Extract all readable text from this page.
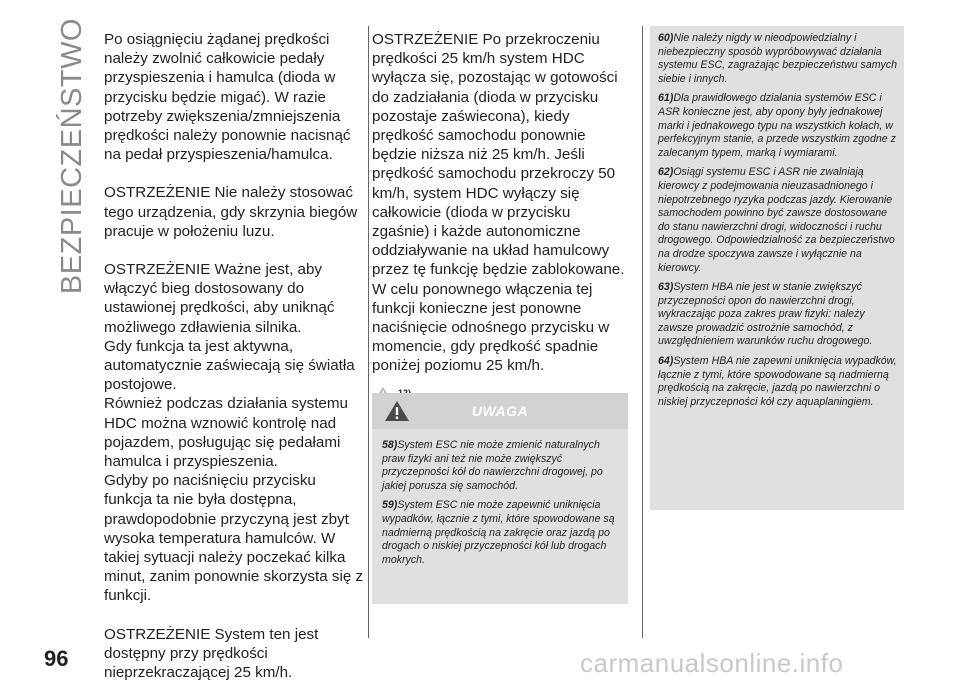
BEZPIECZEŃSTWO Po osiągnięciu żądanej prędkości należy zwolnić całkowicie pedały przyspieszenia i hamulca (dioda w przycisku będzie migać). W razie potrzeby zwiększenia/zmniejszenia prędkości należy ponownie nacisnąć na pedał przyspieszenia/hamulca.

OSTRZEŻENIE Nie należy stosować tego urządzenia, gdy skrzynia biegów pracuje w położeniu luzu.

OSTRZEŻENIE Ważne jest, aby włączyć bieg dostosowany do ustawionej prędkości, aby uniknąć możliwego zdławienia silnika.

Gdy funkcja ta jest aktywna, automatycznie zaświecają się światła postojowe.

Również podczas działania systemu HDC można wznowić kontrolę nad pojazdem, posługując się pedałami hamulca i przyspieszenia.

Gdyby po naciśnięciu przycisku funkcja ta nie była dostępna, prawdopodobnie przyczyną jest zbyt wysoka temperatura hamulców. W takiej sytuacji należy poczekać kilka minut, zanim ponownie skorzysta się z funkcji.

OSTRZEŻENIE System ten jest dostępny przy prędkości nieprzekraczającej 25 km/h.

OSTRZEŻENIE Po przekroczeniu prędkości 25 km/h system HDC wyłącza się, pozostając w gotowości do zadziałania (dioda w przycisku pozostaje zaświecona), kiedy prędkość samochodu ponownie będzie niższa niż 25 km/h. Jeśli prędkość samochodu przekroczy 50 km/h, system HDC wyłączy się całkowicie (dioda w przycisku zgaśnie) i każde autonomiczne oddziaływanie na układ hamulcowy przez tę funkcję będzie zablokowane. W celu ponownego włączenia tej funkcji konieczne jest ponowne naciśnięcie odnośnego przycisku w momencie, gdy prędkość spadnie poniżej poziomu 25 km/h.

UWAGA

58)System ESC nie może zmienić naturalnych praw fizyki ani też nie może zwiększyć przyczepności kół do nawierzchni drogowej, po jakiej porusza się samochód.

59)System ESC nie może zapewnić uniknięcia wypadków, łącznie z tymi, które spowodowane są nadmierną prędkością na zakręcie oraz jazdą po drogach o niskiej przyczepności kół lub drogach mokrych.

60)Nie należy nigdy w nieodpowiedzialny i niebezpieczny sposób wypróbowywać działania systemu ESC, zagrażając bezpieczeństwu samych siebie i innych.

61)Dla prawidłowego działania systemów ESC i ASR konieczne jest, aby opony były jednakowej marki i jednakowego typu na wszystkich kołach, w perfekcyjnym stanie, a przede wszystkim zgodne z zalecanym typem, marką i wymiarami.

62)Osiągi systemu ESC i ASR nie zwalniają kierowcy z podejmowania nieuzasadnionego i niepotrzebnego ryzyka podczas jazdy. Kierowanie samochodem powinno być zawsze dostosowane do stanu nawierzchni drogi, widoczności i ruchu drogowego. Odpowiedzialność za bezpieczeństwo na drodze spoczywa zawsze i wyłącznie na kierowcy.

63)System HBA nie jest w stanie zwiększyć przyczepności opon do nawierzchni drogi, wykraczając poza zakres praw fizyki: należy zawsze prowadzić ostrożnie samochód, z uwzględnieniem warunków ruchu drogowego.

64)System HBA nie zapewni uniknięcia wypadków, łącznie z tymi, które spowodowane są nadmierną prędkością na zakręcie, jazdą po nawierzchni o niskiej przyczepności kół czy aquaplaningiem.

96	carmanualsonline.info
